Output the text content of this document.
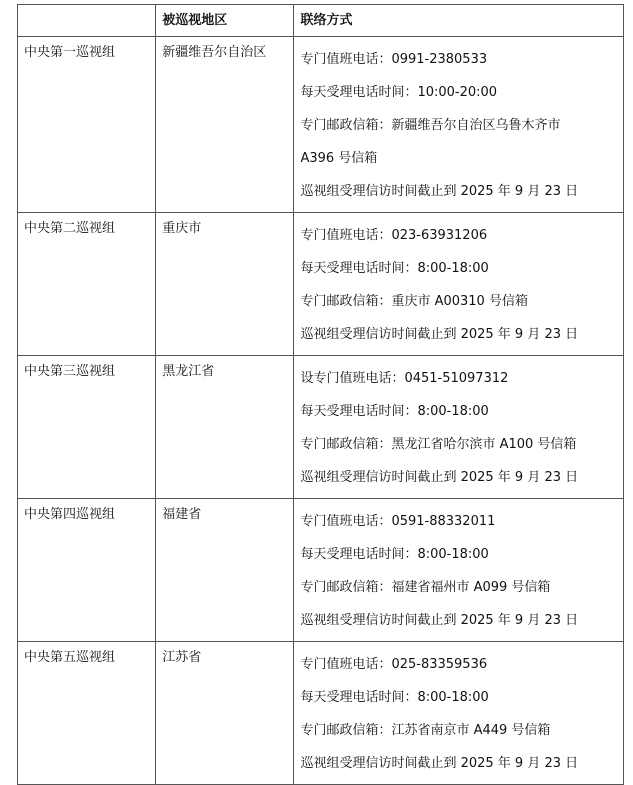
	被巡视地区	联络方式

中央第一巡视组	新疆维吾尔自治区	专门值班电话：0991-2380533
每天受理电话时间：10:00-20:00
专门邮政信箱：新疆维吾尔自治区乌鲁木齐市
A396 号信箱
巡视组受理信访时间截止到 2025 年 9 月 23 日

中央第二巡视组	重庆市	专门值班电话：023-63931206
每天受理电话时间：8:00-18:00
专门邮政信箱：重庆市 A00310 号信箱
巡视组受理信访时间截止到 2025 年 9 月 23 日

中央第三巡视组	黑龙江省	设专门值班电话：0451-51097312
每天受理电话时间：8:00-18:00
专门邮政信箱：黑龙江省哈尔滨市 A100 号信箱
巡视组受理信访时间截止到 2025 年 9 月 23 日

中央第四巡视组	福建省	专门值班电话：0591-88332011
每天受理电话时间：8:00-18:00
专门邮政信箱：福建省福州市 A099 号信箱
巡视组受理信访时间截止到 2025 年 9 月 23 日

中央第五巡视组	江苏省	专门值班电话：025-83359536
每天受理电话时间：8:00-18:00
专门邮政信箱：江苏省南京市 A449 号信箱
巡视组受理信访时间截止到 2025 年 9 月 23 日
